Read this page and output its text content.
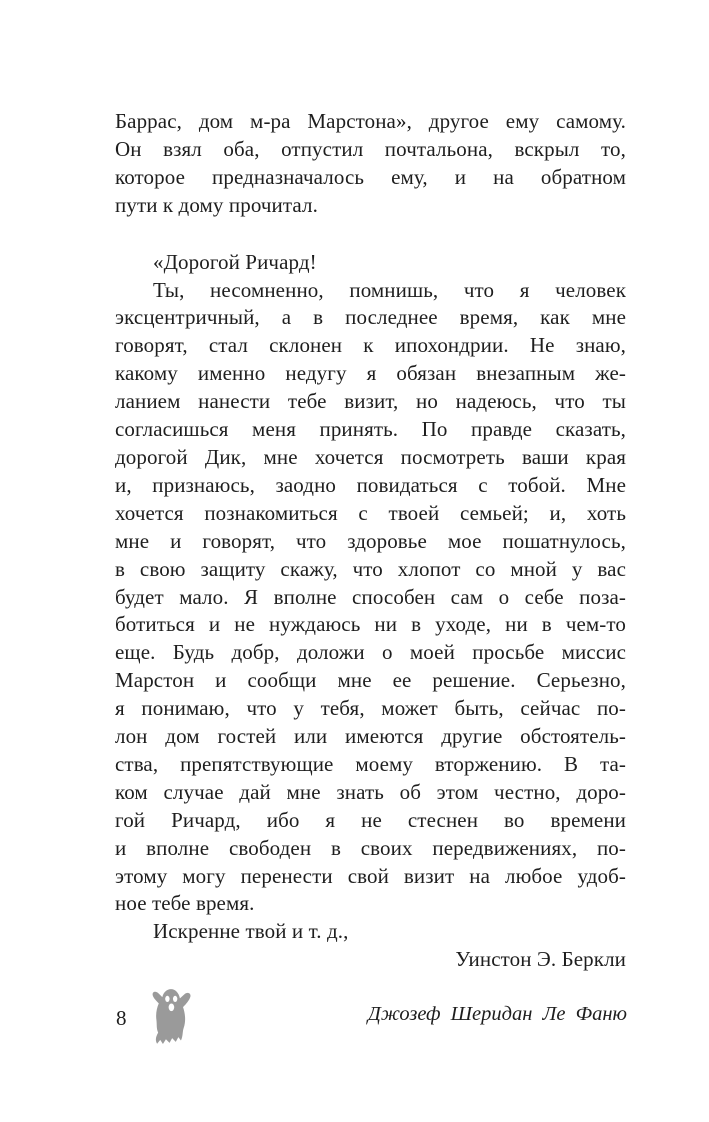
Баррас, дом м-ра Марстона», другое ему самому.
Он взял оба, отпустил почтальона, вскрыл то,
которое предназначалось ему, и на обратном
пути к дому прочитал.
«Дорогой Ричард!
Ты, несомненно, помнишь, что я человек
эксцентричный, а в последнее время, как мне
говорят, стал склонен к ипохондрии. Не знаю,
какому именно недугу я обязан внезапным же-
ланием нанести тебе визит, но надеюсь, что ты
согласишься меня принять. По правде сказать,
дорогой Дик, мне хочется посмотреть ваши края
и, признаюсь, заодно повидаться с тобой. Мне
хочется познакомиться с твоей семьей; и, хоть
мне и говорят, что здоровье мое пошатнулось,
в свою защиту скажу, что хлопот со мной у вас
будет мало. Я вполне способен сам о себе поза-
ботиться и не нуждаюсь ни в уходе, ни в чем-то
еще. Будь добр, доложи о моей просьбе миссис
Марстон и сообщи мне ее решение. Серьезно,
я понимаю, что у тебя, может быть, сейчас по-
лон дом гостей или имеются другие обстоятель-
ства, препятствующие моему вторжению. В та-
ком случае дай мне знать об этом честно, доро-
гой Ричард, ибо я не стеснен во времени
и вполне свободен в своих передвижениях, по-
этому могу перенести свой визит на любое удоб-
ное тебе время.
Искренне твой и т. д.,
Уинстон Э. Беркли
8	Джозеф Шеридан Ле Фаню
